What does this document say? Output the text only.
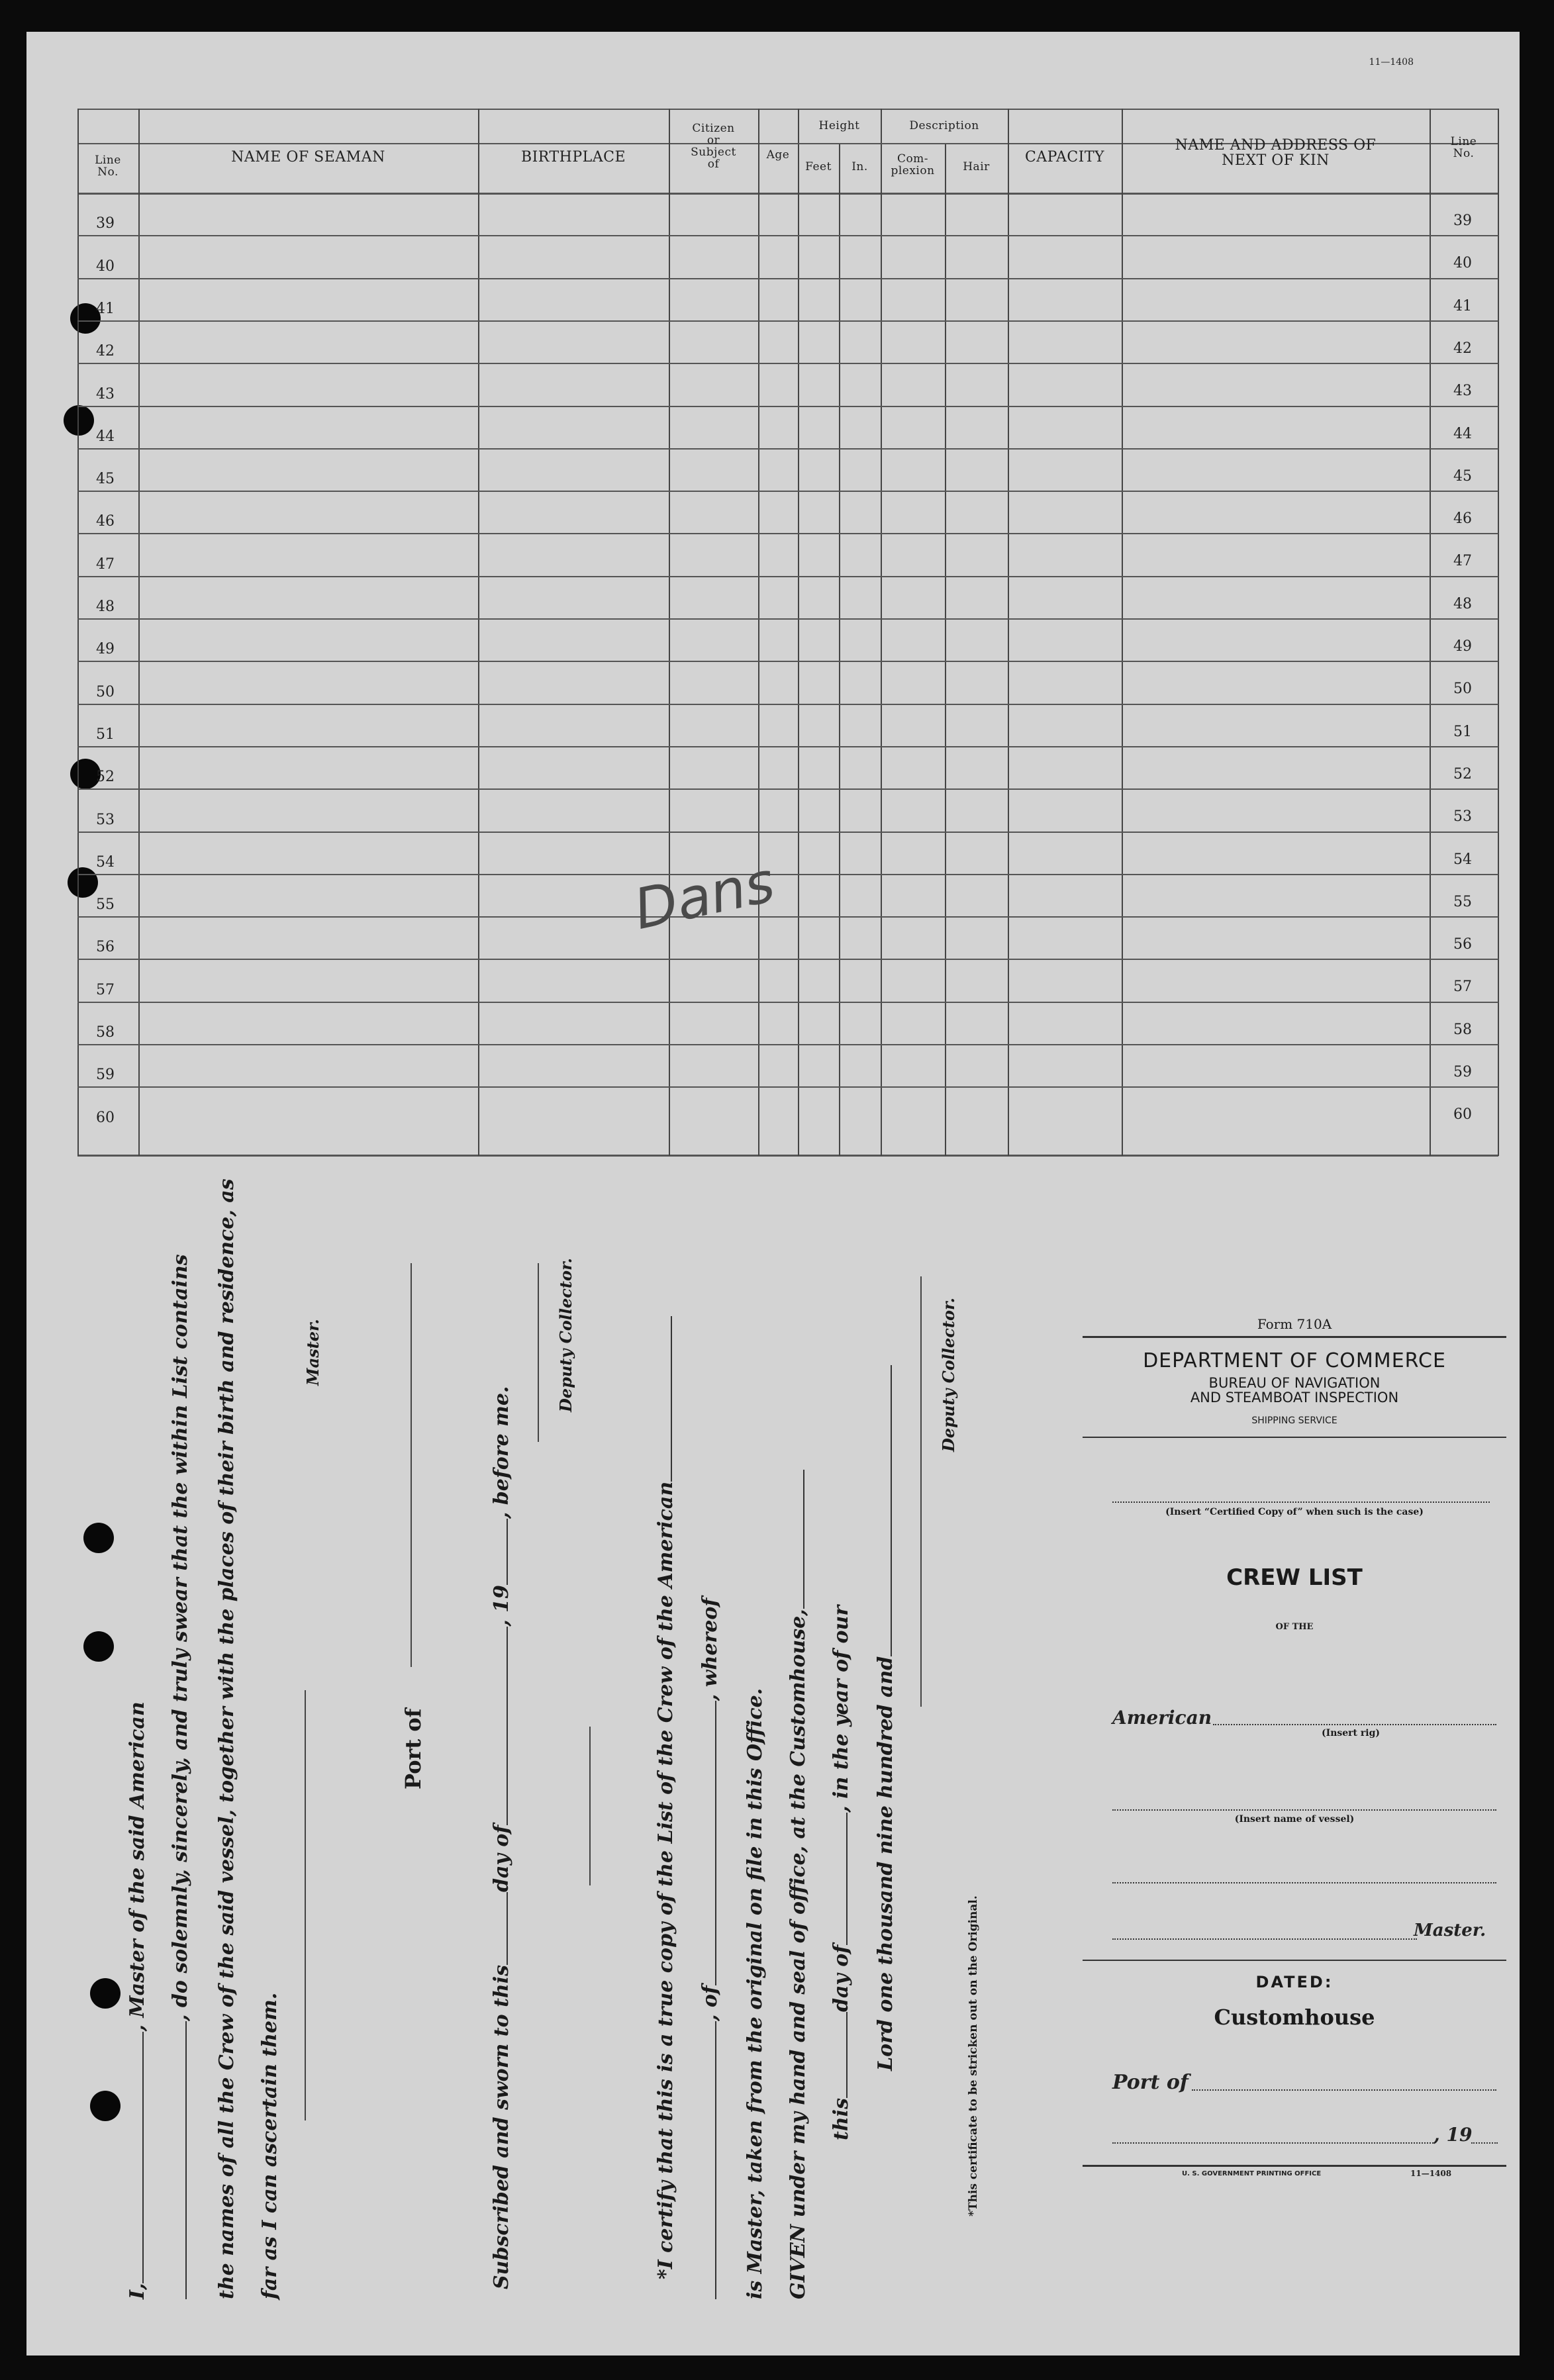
11—1408
Line
No.
NAME OF SEAMAN	BIRTHPLACE
Citizen
or
Subject
of
Age
Height
Feet	In.
Description
Com-
plexion	Hair
CAPACITY
NAME AND ADDRESS OF
NEXT OF KIN
Line
No.
39	39
40	40
41	41
42	42
43	43
44	44
45	45
46	46
47	47
48	48
49	49
50	50
51	51
52	52
53	53
54	54
55	55
56	56
57	57
58	58
59	59
60	60
Dans
I,, Master of the said American , do solemnly, sincerely, and truly swear that the within List contains the names of all the Crew of the said vessel, together with the places of their birth and residence, as far as I can ascertain them.
Master.
Port of
Subscribed and sworn to thisday of, 19, before me.
Deputy Collector.
*I certify that this is a true copy of the List of the Crew of the American , of, whereof
is Master, taken from the original on file in this Office. GIVEN under my hand and seal of office, at the Customhouse, thisday of, in the year of our Lord one thousand nine hundred and
Deputy Collector.
*This certificate to be stricken out on the Original.
Form 710A
DEPARTMENT OF COMMERCE
BUREAU OF NAVIGATION
AND STEAMBOAT INSPECTION
SHIPPING SERVICE
(Insert “Certified Copy of” when such is the case)
CREW LIST
OF THE
American
(Insert rig)
(Insert name of vessel)
Master.
DATED:
Customhouse
Port of
, 19
U. S. GOVERNMENT PRINTING OFFICE	11—1408
